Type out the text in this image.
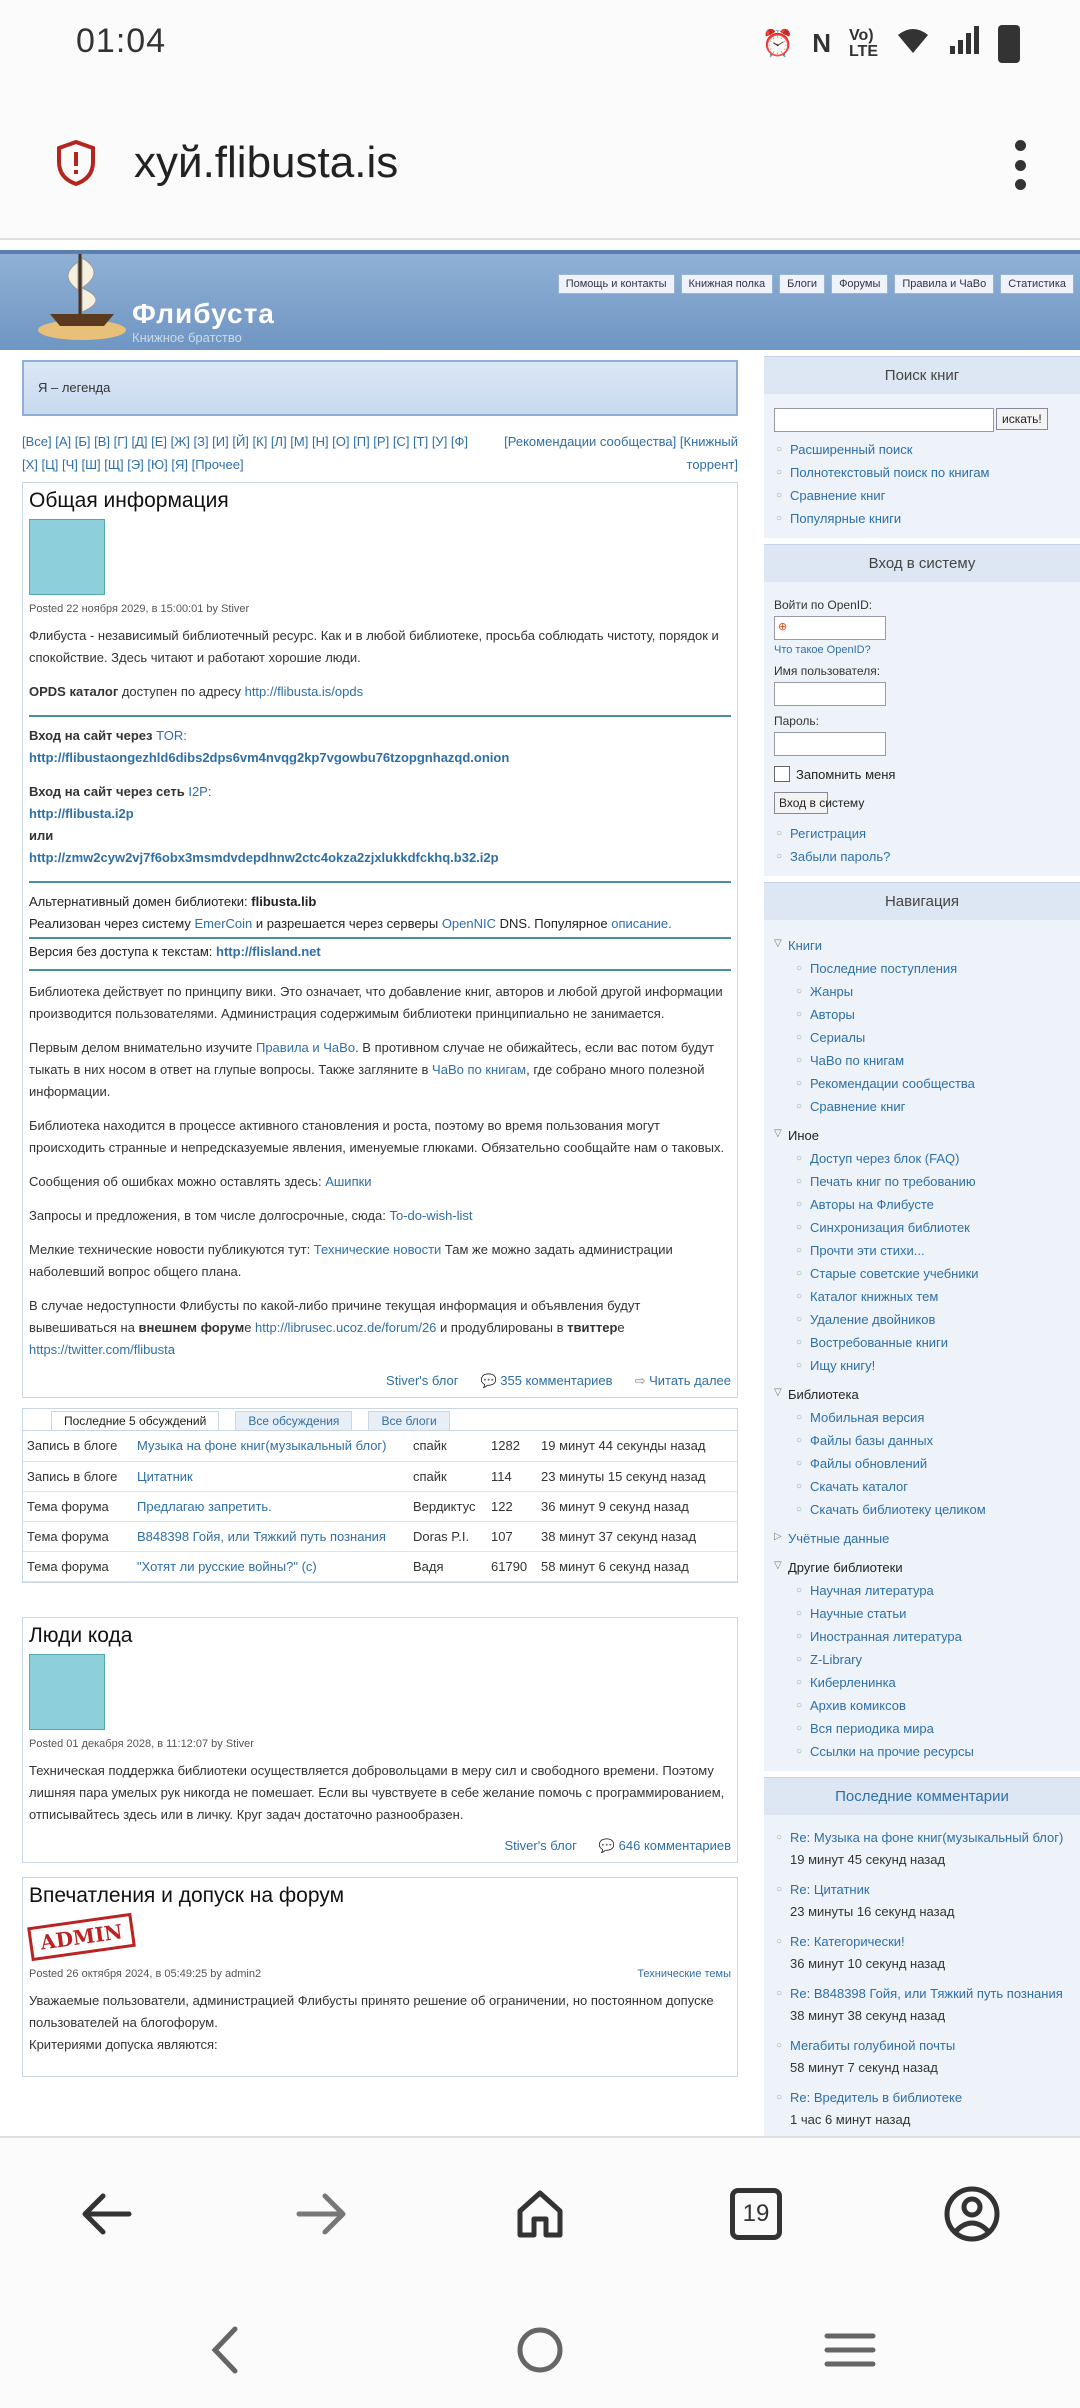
01:04	⏰ N Vo)
LTE
хуй.flibusta.is
Флибуста
Книжное братство
Помощь и контакты	Книжная полка	Блоги	Форумы	Правила и ЧаВо	Статистика
Я – легенда
[Все] [А] [Б] [В] [Г] [Д] [Е] [Ж] [З] [И] [Й] [К] [Л] [М] [Н] [О] [П] [Р] [С] [Т] [У] [Ф]
[Х] [Ц] [Ч] [Ш] [Щ] [Э] [Ю] [Я] [Прочее]
[Рекомендации сообщества] [Книжный
торрент]
Общая информация
Posted 22 ноября 2029, в 15:00:01 by Stiver

Флибуста - независимый библиотечный ресурс. Как и в любой библиотеке, просьба соблюдать чистоту, порядок и спокойствие. Здесь читают и работают хорошие люди.

OPDS каталог доступен по адресу http://flibusta.is/opds

Вход на сайт через TOR:
http://flibustaongezhld6dibs2dps6vm4nvqg2kp7vgowbu76tzopgnhazqd.onion

Вход на сайт через сеть I2P:
http://flibusta.i2p
или
http://zmw2cyw2vj7f6obx3msmdvdepdhnw2ctc4okza2zjxlukkdfckhq.b32.i2p

Альтернативный домен библиотеки: flibusta.lib
Реализован через систему EmerCoin и разрешается через серверы OpenNIC DNS. Популярное описание.
Версия без доступа к текстам: http://flisland.net

Библиотека действует по принципу вики. Это означает, что добавление книг, авторов и любой другой информации производится пользователями. Администрация содержимым библиотеки принципиально не занимается.

Первым делом внимательно изучите Правила и ЧаВо. В противном случае не обижайтесь, если вас потом будут тыкать в них носом в ответ на глупые вопросы. Также загляните в ЧаВо по книгам, где собрано много полезной информации.

Библиотека находится в процессе активного становления и роста, поэтому во время пользования могут происходить странные и непредсказуемые явления, именуемые глюками. Обязательно сообщайте нам о таковых.

Сообщения об ошибках можно оставлять здесь: Ашипки

Запросы и предложения, в том числе долгосрочные, сюда: To-do-wish-list

Мелкие технические новости публикуются тут: Технические новости Там же можно задать администрации наболевший вопрос общего плана.

В случае недоступности Флибусты по какой-либо причине текущая информация и объявления будут вывешиваться на внешнем форуме http://librusec.ucoz.de/forum/26 и продублированы в твиттере
https://twitter.com/flibusta

Stiver's блог 💬 355 комментариев ⇨ Читать далее
Последние 5 обсуждений	Все обсуждения	Все блоги
Запись в блоге	Музыка на фоне книг(музыкальный блог)	спайк	1282	19 минут 44 секунды назад
Запись в блоге	Цитатник	спайк	114	23 минуты 15 секунд назад
Тема форума	Предлагаю запретить.	Вердиктус	122	36 минут 9 секунд назад
Тема форума	B848398 Гойя, или Тяжкий путь познания	Doras P.I.	107	38 минут 37 секунд назад
Тема форума	"Хотят ли русские войны?" (с)	Вадя	61790	58 минут 6 секунд назад
Люди кода
Posted 01 декабря 2028, в 11:12:07 by Stiver

Техническая поддержка библиотеки осуществляется добровольцами в меру сил и свободного времени. Поэтому лишняя пара умелых рук никогда не помешает. Если вы чувствуете в себе желание помочь с программированием, отписывайтесь здесь или в личку. Круг задач достаточно разнообразен.

Stiver's блог 💬 646 комментариев
Впечатления и допуск на форум
ADMIN
Posted 26 октября 2024, в 05:49:25 by admin2	Технические темы

Уважаемые пользователи, администрацией Флибусты принято решение об ограничении, но постоянном допуске пользователей на блогофорум.

Критериями допуска являются:

Поиск книг
искать!
○ Расширенный поиск
○ Полнотекстовый поиск по книгам
○ Сравнение книг
○ Популярные книги
Вход в систему
Войти по OpenID:
⊕
Что такое OpenID?
Имя пользователя:
Пароль:
Запомнить меня
Вход в систему
○ Регистрация
○ Забыли пароль?
Навигация
▽ Книги
○ Последние поступления
○ Жанры
○ Авторы
○ Сериалы
○ ЧаВо по книгам
○ Рекомендации сообщества
○ Сравнение книг
▽ Иное
○ Доступ через блок (FAQ)
○ Печать книг по требованию
○ Авторы на Флибусте
○ Синхронизация библиотек
○ Прочти эти стихи...
○ Старые советские учебники
○ Каталог книжных тем
○ Удаление двойников
○ Востребованные книги
○ Ищу книгу!
▽ Библиотека
○ Мобильная версия
○ Файлы базы данных
○ Файлы обновлений
○ Скачать каталог
○ Скачать библиотеку целиком
▷ Учётные данные
▽ Другие библиотеки
○ Научная литература
○ Научные статьи
○ Иностранная литература
○ Z-Library
○ Киберленинка
○ Архив комиксов
○ Вся периодика мира
○ Ссылки на прочие ресурсы
Последние комментарии
○ Re: Музыка на фоне книг(музыкальный блог)
19 минут 45 секунд назад
○ Re: Цитатник
23 минуты 16 секунд назад
○ Re: Категорически!
36 минут 10 секунд назад
○ Re: B848398 Гойя, или Тяжкий путь познания
38 минут 38 секунд назад
○ Мегабиты голубиной почты
58 минут 7 секунд назад
○ Re: Вредитель в библиотеке
1 час 6 минут назад
○
19
